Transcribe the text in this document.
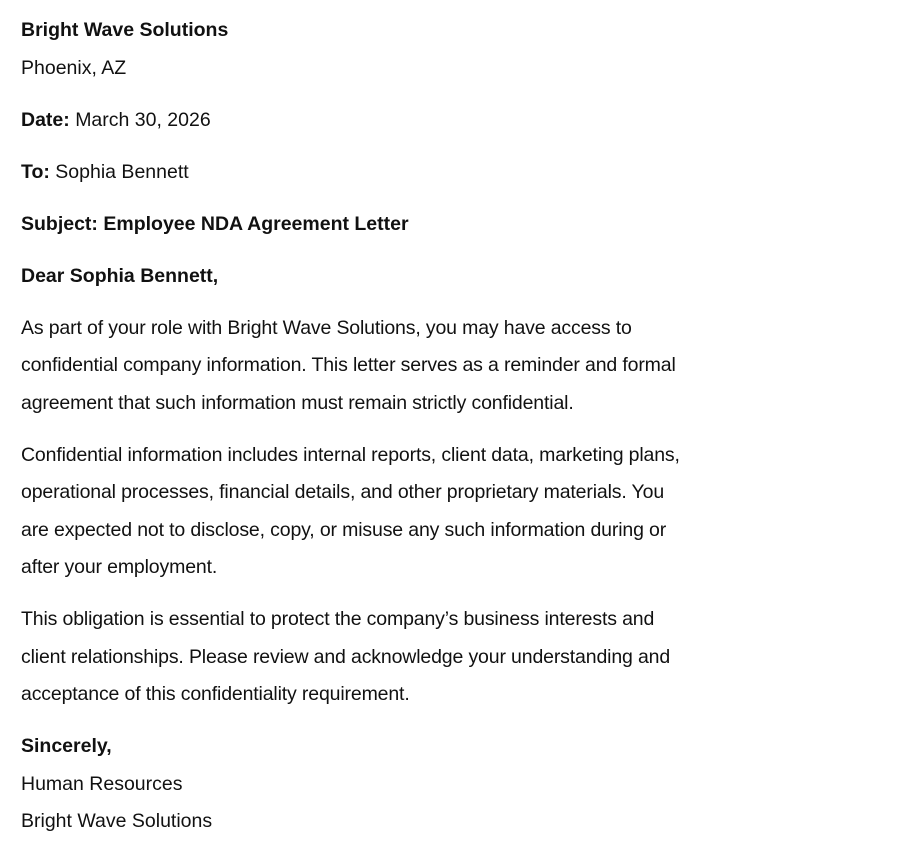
Bright Wave Solutions
Phoenix, AZ
Date: March 30, 2026
To: Sophia Bennett
Subject: Employee NDA Agreement Letter
Dear Sophia Bennett,
As part of your role with Bright Wave Solutions, you may have access to
confidential company information. This letter serves as a reminder and formal
agreement that such information must remain strictly confidential.
Confidential information includes internal reports, client data, marketing plans,
operational processes, financial details, and other proprietary materials. You
are expected not to disclose, copy, or misuse any such information during or
after your employment.
This obligation is essential to protect the company’s business interests and
client relationships. Please review and acknowledge your understanding and
acceptance of this confidentiality requirement.
Sincerely,
Human Resources
Bright Wave Solutions
